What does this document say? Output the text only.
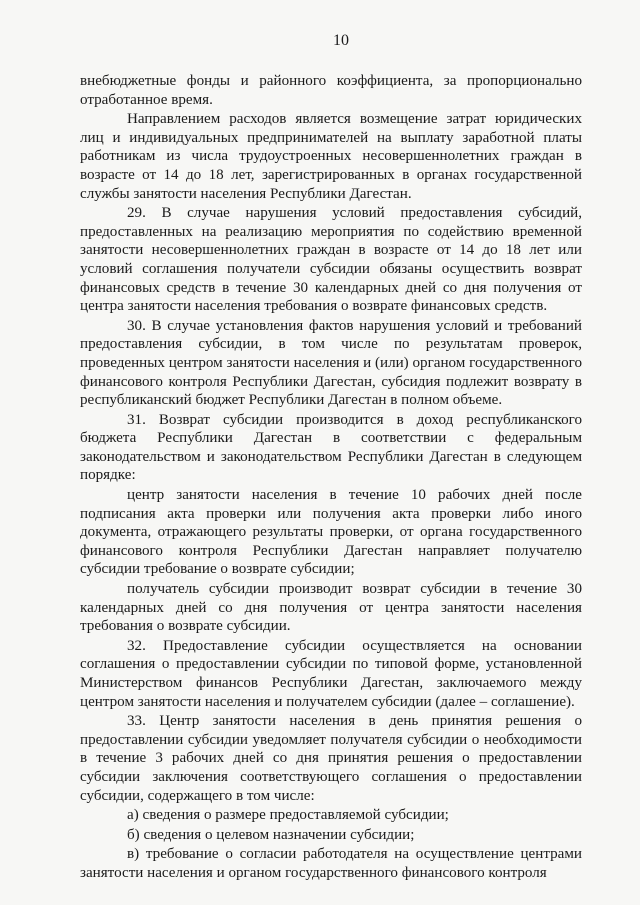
10

внебюджетные фонды и районного коэффициента, за пропорционально отработанное время.

Направлением расходов является возмещение затрат юридических лиц и индивидуальных предпринимателей на выплату заработной платы работникам из числа трудоустроенных несовершеннолетних граждан в возрасте от 14 до 18 лет, зарегистрированных в органах государственной службы занятости населения Республики Дагестан.

29. В случае нарушения условий предоставления субсидий, предоставленных на реализацию мероприятия по содействию временной занятости несовершеннолетних граждан в возрасте от 14 до 18 лет или условий соглашения получатели субсидии обязаны осуществить возврат финансовых средств в течение 30 календарных дней со дня получения от центра занятости населения требования о возврате финансовых средств.

30. В случае установления фактов нарушения условий и требований предоставления субсидии, в том числе по результатам проверок, проведенных центром занятости населения и (или) органом государственного финансового контроля Республики Дагестан, субсидия подлежит возврату в республиканский бюджет Республики Дагестан в полном объеме.

31. Возврат субсидии производится в доход республиканского бюджета Республики Дагестан в соответствии с федеральным законодательством и законодательством Республики Дагестан в следующем порядке:

центр занятости населения в течение 10 рабочих дней после подписания акта проверки или получения акта проверки либо иного документа, отражающего результаты проверки, от органа государственного финансового контроля Республики Дагестан направляет получателю субсидии требование о возврате субсидии;

получатель субсидии производит возврат субсидии в течение 30 календарных дней со дня получения от центра занятости населения требования о возврате субсидии.

32. Предоставление субсидии осуществляется на основании соглашения о предоставлении субсидии по типовой форме, установленной Министерством финансов Республики Дагестан, заключаемого между центром занятости населения и получателем субсидии (далее – соглашение).

33. Центр занятости населения в день принятия решения о предоставлении субсидии уведомляет получателя субсидии о необходимости в течение 3 рабочих дней со дня принятия решения о предоставлении субсидии заключения соответствующего соглашения о предоставлении субсидии, содержащего в том числе:

а) сведения о размере предоставляемой субсидии;

б) сведения о целевом назначении субсидии;

в) требование о согласии работодателя на осуществление центрами занятости населения и органом государственного финансового контроля
